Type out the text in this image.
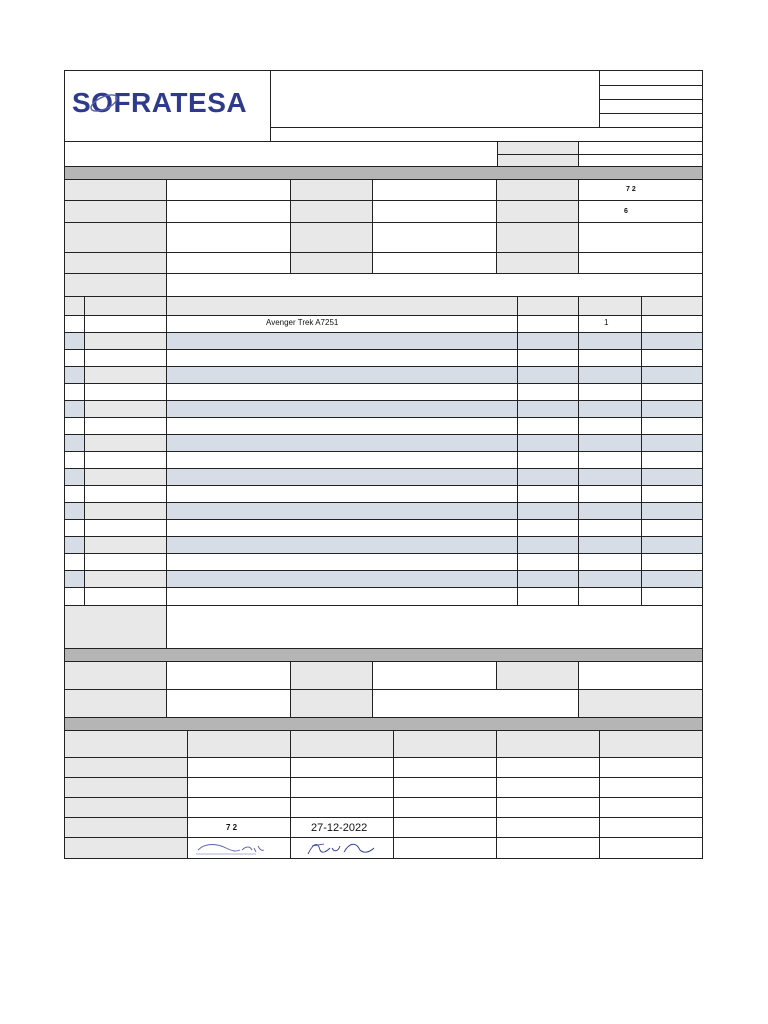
SOFRATESA
7 2
6
Avenger Trek A7251	1
7 2	27-12-2022
